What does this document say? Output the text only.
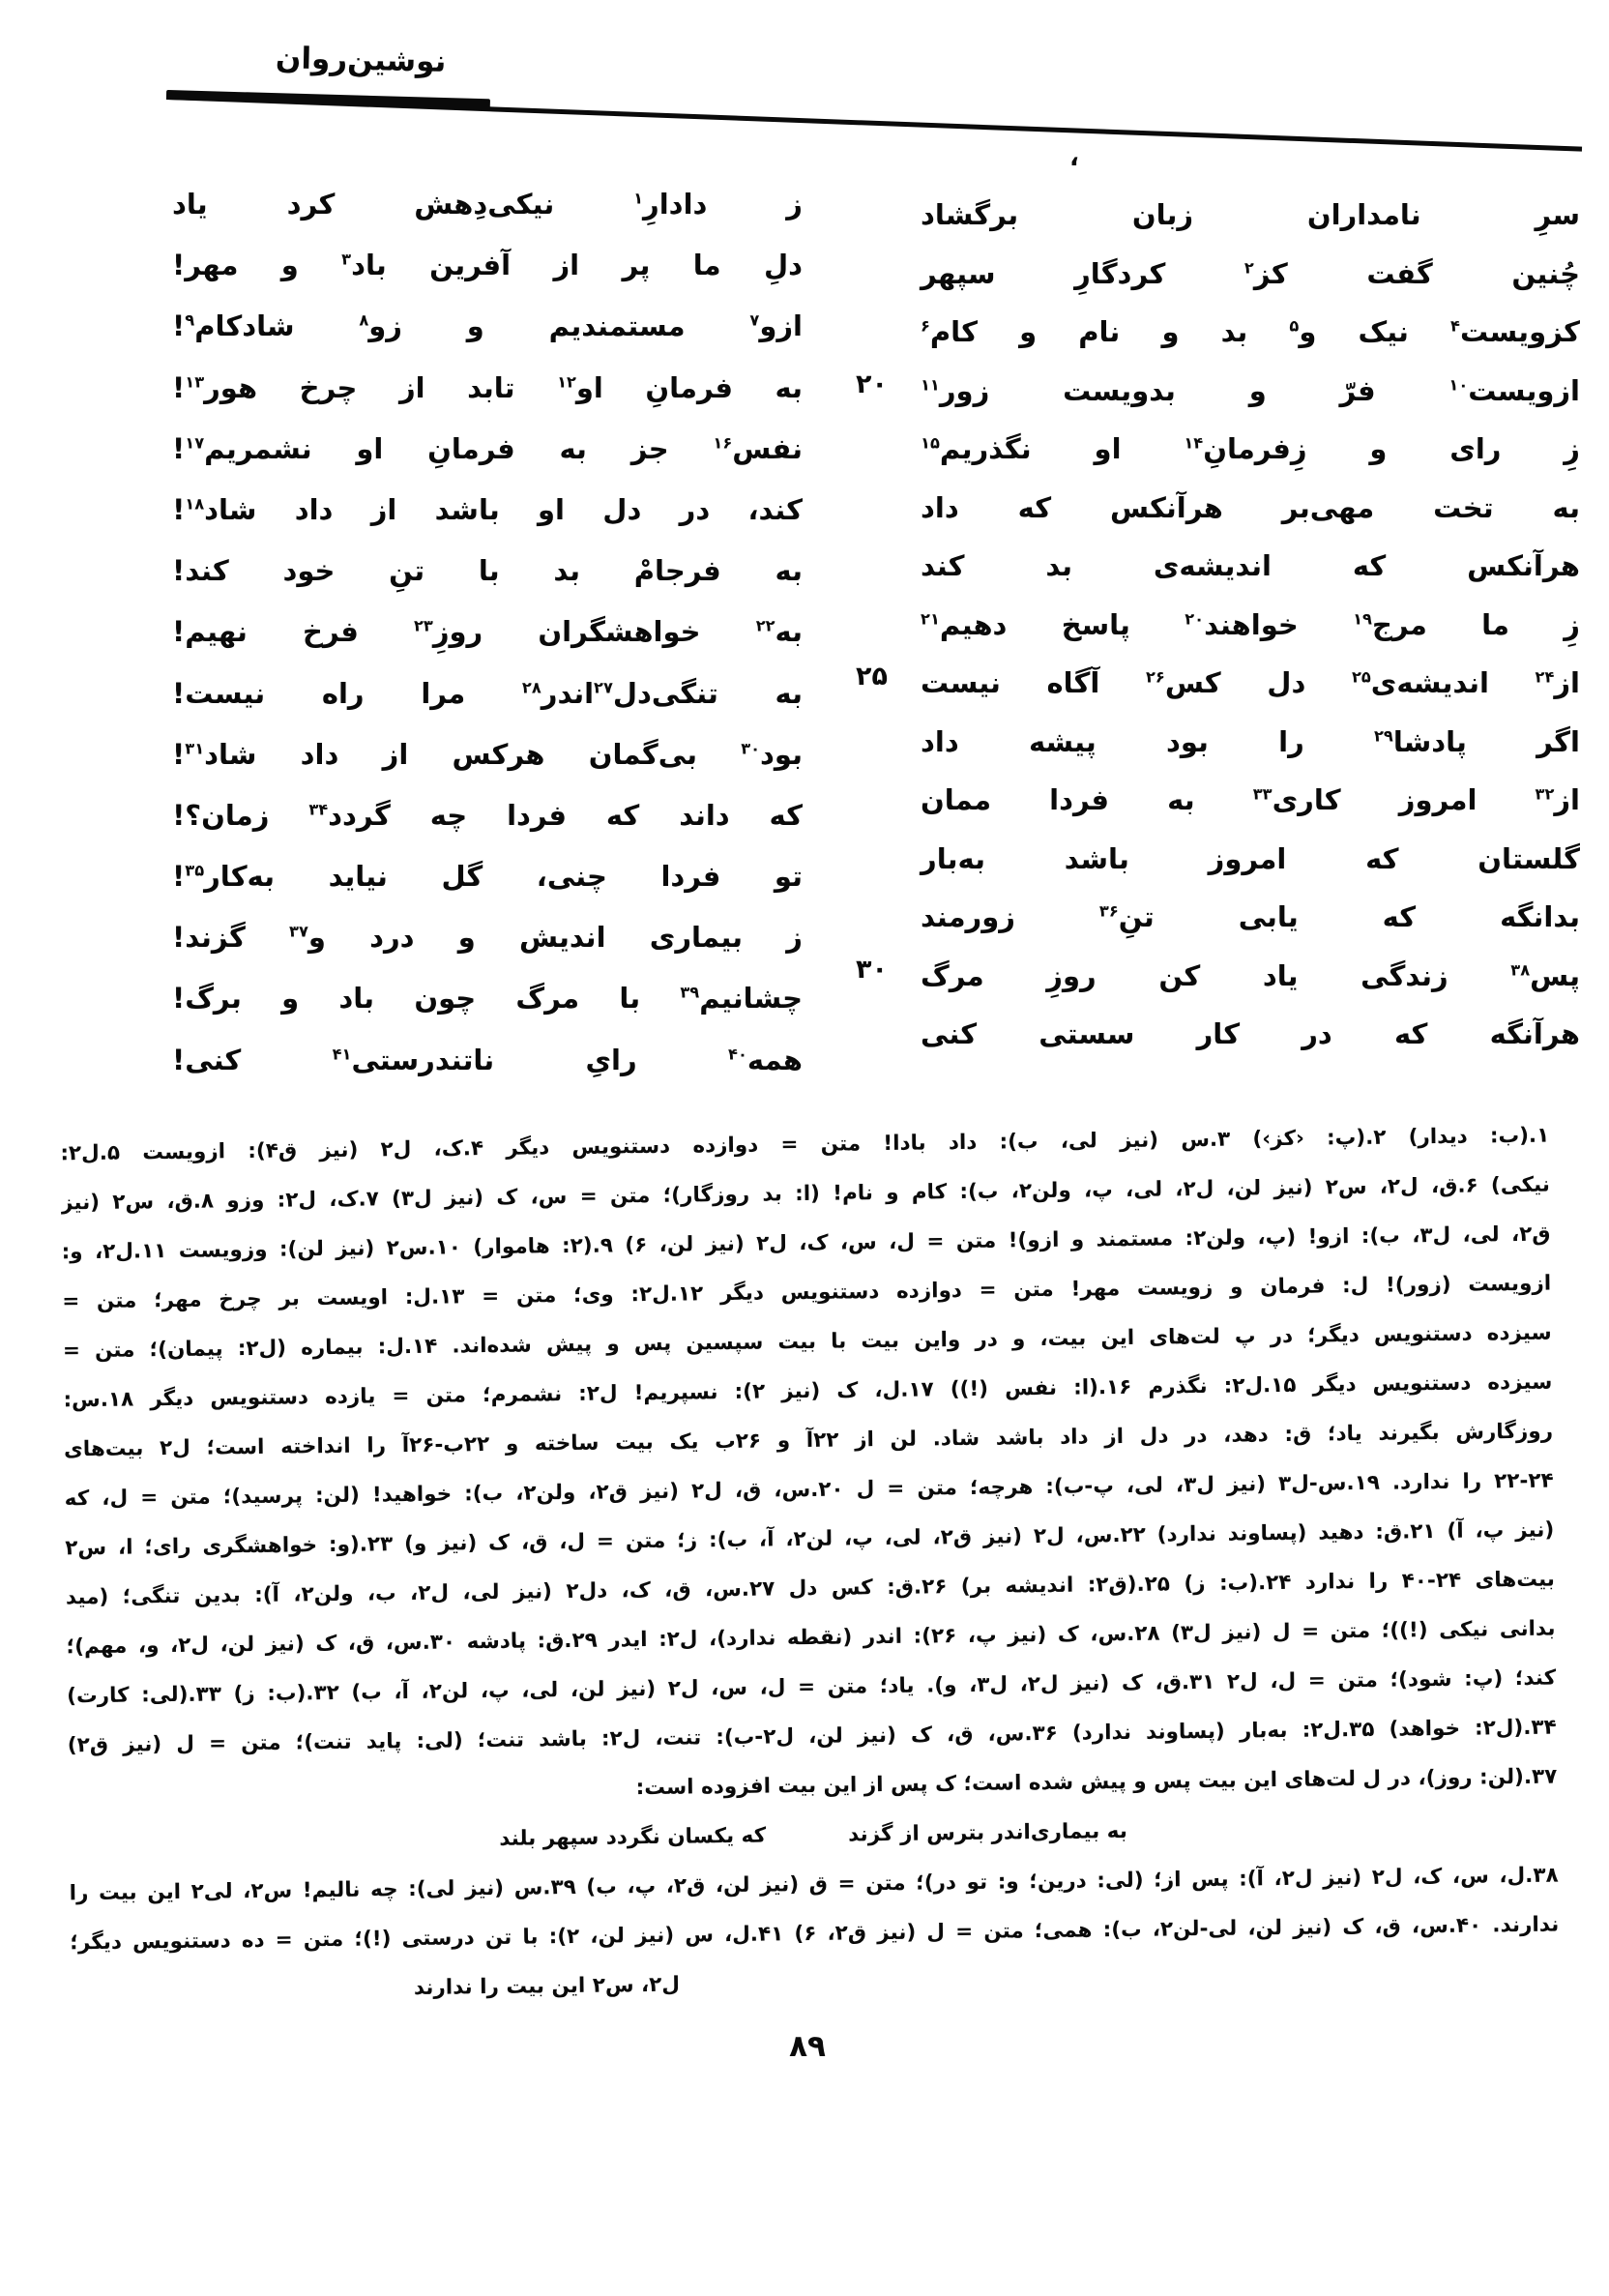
نوشین‌روان
،
سرِ
نامداران
زبان
برگشاد
چُنین
گفت
کز$^۲$
کردگارِ
سپهر
کزویست$^۴$
نیک
و$^۵$
بد
و
نام
و
کام$^۶$
ازویست$^{۱۰}$
فرّ
و
بدویست
زور$^{۱۱}$
زِ
رای
و
زِفرمانِ$^{۱۴}$
او
نگذریم$^{۱۵}$
به
تخت
مهی‌بر
هرآنکس
که
داد
هرآنکس
که
اندیشه‌ی
بد
کند
زِ
ما
مرج$^{۱۹}$
خواهند$^{۲۰}$
پاسخ
دهیم$^{۲۱}$
از$^{۲۴}$
اندیشه‌ی$^{۲۵}$
دل
کس$^{۲۶}$
آگاه
نیست
اگر
پادشا$^{۲۹}$
را
بود
پیشه
داد
از$^{۳۲}$
امروز
کاری$^{۳۳}$
به
فردا
ممان
گلستان
که
امروز
باشد
به‌بار
بدانگه
که
یابی
تنِ$^{۳۶}$
زورمند
پس$^{۳۸}$
زندگی
یاد
کن
روزِ
مرگ
هرآنگه
که
در
کار
سستی
کنی
ز
دادارِ$^۱$
نیکی‌دِهش
کرد
یاد
دلِ
ما
پر
از
آفرین
باد$^۳$
و
مهر!
ازو$^۷$
مستمندیم
و
زو$^۸$
شادکام$^۹$!
به
فرمانِ
او$^{۱۲}$
تابد
از
چرخ
هور$^{۱۳}$!
نفس$^{۱۶}$
جز
به
فرمانِ
او
نشمریم$^{۱۷}$!
کند،
در
دل
او
باشد
از
داد
شاد$^{۱۸}$!
به
فرجامْ
بد
با
تنِ
خود
کند!
به$^{۲۲}$
خواهشگران
روزِ$^{۲۳}$
فرخ
نهیم!
به
تنگی‌دل$^{۲۷}$اندر$^{۲۸}$
مرا
راه
نیست!
بود$^{۳۰}$
بی‌گمان
هرکس
از
داد
شاد$^{۳۱}$!
که
داند
که
فردا
چه
گردد$^{۳۴}$
زمان؟!
تو
فردا
چنی،
گل
نیاید
به‌کار$^{۳۵}$!
ز
بیماری
اندیش
و
درد
و$^{۳۷}$
گزند!
چشانیم$^{۳۹}$
با
مرگ
چون
باد
و
برگ!
همه$^{۴۰}$
رایِ
ناتندرستی$^{۴۱}$
کنی!
۲۰
۲۵
۳۰
۱.(ب: دیدار) ۲.(پ: ‹کز›) ۳.س (نیز لی، ب): داد بادا! متن = دوازده دستنویس دیگر ۴.ک، ل۲ (نیز ق۴): ازویست ۵.ل۲:
نیکی) ۶.ق، ل۲، س۲ (نیز لن، ل۲، لی، پ، ولن۲، ب): کام و نام! (ا: بد روزگار)؛ متن = س، ک (نیز ل۳) ۷.ک، ل۲: وزو ۸.ق، س۲ (نیز
ق۲، لی، ل۳، ب): ازو! (پ، ولن۲: مستمند و ازو)! متن = ل، س، ک، ل۲ (نیز لن، ۶) ۹.(۲: هاموار) ۱۰.س۲ (نیز لن): وزویست ۱۱.ل۲، و:
ازویست (زور)! ل: فرمان و زویست مهر! متن = دوازده دستنویس دیگر ۱۲.ل۲: وی؛ متن = ۱۳.ل: اویست بر چرخ مهر؛ متن =
سیزده دستنویس دیگر؛ در پ لت‌های این بیت، و در واین بیت با بیت سپسین پس و پیش شده‌اند. ۱۴.ل: بیماره (ل۲: پیمان)؛ متن =
سیزده دستنویس دیگر ۱۵.ل۲: نگذرم ۱۶.(ا: نفس (!)) ۱۷.ل، ک (نیز ۲): نسپریم! ل۲: نشمرم؛ متن = یازده دستنویس دیگر ۱۸.س:
روزگارش بگیرند یاد؛ ق: دهد، در دل از داد باشد شاد. لن از ۲۲آ و ۲۶ب یک بیت ساخته و ۲۲ب-۲۶آ را انداخته است؛ ل۲ بیت‌های
۲۲-۲۴ را ندارد. ۱۹.س-ل۳ (نیز ل۳، لی، پ-ب): هرچه؛ متن = ل ۲۰.س، ق، ل۲ (نیز ق۲، ولن۲، ب): خواهید! (لن: پرسید)؛ متن = ل، که
(نیز پ، آ) ۲۱.ق: دهید (پساوند ندارد) ۲۲.س، ل۲ (نیز ق۲، لی، پ، لن۲، آ، ب): ز؛ متن = ل، ق، ک (نیز و) ۲۳.(و: خواهشگری رای؛ ا، س۲
بیت‌های ۲۴-۴۰ را ندارد ۲۴.(ب: ز) ۲۵.(ق۲: اندیشه بر) ۲۶.ق: کس دل ۲۷.س، ق، ک، دل۲ (نیز لی، ل۲، ب، ولن۲، آ): بدین تنگی؛ (مید
بدانی نیکی (!))؛ متن = ل (نیز ل۳) ۲۸.س، ک (نیز پ، ۲۶): اندر (نقطه ندارد)، ل۲: ایدر ۲۹.ق: پادشه ۳۰.س، ق، ک (نیز لن، ل۲، و، مهم)؛
کند؛ (پ: شود)؛ متن = ل، ل۲ ۳۱.ق، ک (نیز ل۲، ل۳، و). یاد؛ متن = ل، س، ل۲ (نیز لن، لی، پ، لن۲، آ، ب) ۳۲.(ب: ز) ۳۳.(لی: کارت)
۳۴.(ل۲: خواهد) ۳۵.ل۲: به‌بار (پساوند ندارد) ۳۶.س، ق، ک (نیز لن، ل۲-ب): تنت، ل۲: باشد تنت؛ (لی: پاید تنت)؛ متن = ل (نیز ق۲)
۳۷.(لن: روز)، در ل لت‌های این بیت پس و پیش شده است؛ ک پس از این بیت افزوده است:
به بیماری‌اندر بترس از گزند
که یکسان نگردد سپهر بلند
۳۸.ل، س، ک، ل۲ (نیز ل۲، آ): پس از؛ (لی: درین؛ و: تو در)؛ متن = ق (نیز لن، ق۲، پ، ب) ۳۹.س (نیز لی): چه نالیم! س۲، لی۲ این بیت را
ندارند. ۴۰.س، ق، ک (نیز لن، لی-لن۲، ب): همی؛ متن = ل (نیز ق۲، ۶) ۴۱.ل، س (نیز لن، ۲): با تن درستی (!)؛ متن = ده دستنویس دیگر؛
ل۲، س۲ این بیت را ندارند
۸۹
